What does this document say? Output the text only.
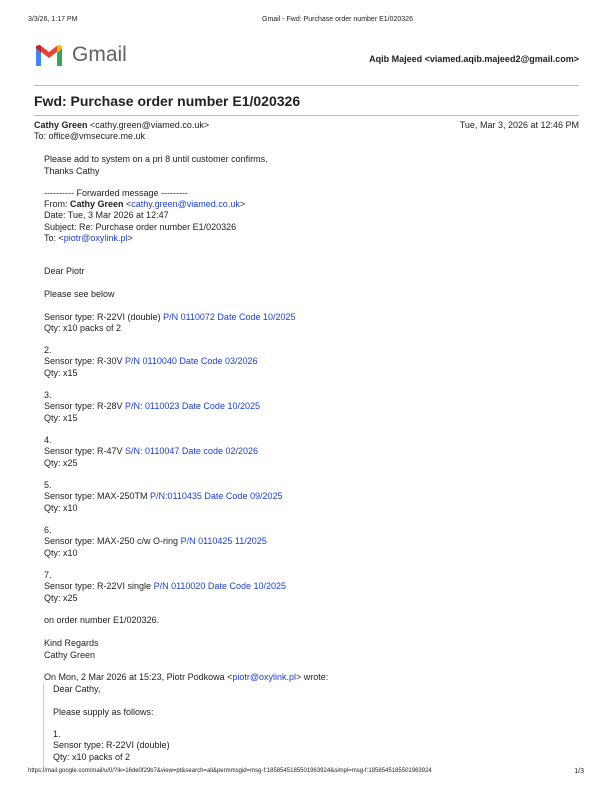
3/3/26, 1:17 PM	Gmail - Fwd: Purchase order number E1/020326
Gmail	Aqib Majeed <viamed.aqib.majeed2@gmail.com>
Fwd: Purchase order number E1/020326
Cathy Green <cathy.green@viamed.co.uk>	Tue, Mar 3, 2026 at 12:46 PM
To: office@vmsecure.me.uk
Please add to system on a pri 8 until customer confirms.
Thanks Cathy
---------- Forwarded message ---------
From: Cathy Green <cathy.green@viamed.co.uk>
Date: Tue, 3 Mar 2026 at 12:47
Subject: Re: Purchase order number E1/020326
To: <piotr@oxylink.pl>
Dear Piotr
Please see below
Sensor type: R-22VI (double) P/N 0110072 Date Code 10/2025
Qty: x10 packs of 2
2.
Sensor type: R-30V P/N 0110040 Date Code 03/2026
Qty: x15
3.
Sensor type: R-28V P/N: 0110023 Date Code 10/2025
Qty: x15
4.
Sensor type: R-47V S/N: 0110047 Date code 02/2026
Qty: x25
5.
Sensor type: MAX-250TM P/N:0110435 Date Code 09/2025
Qty: x10
6.
Sensor type: MAX-250 c/w O-ring P/N 0110425 11/2025
Qty: x10
7.
Sensor type: R-22VI single P/N 0110020 Date Code 10/2025
Qty: x25
on order number E1/020326.
Kind Regards
Cathy Green
On Mon, 2 Mar 2026 at 15:23, Piotr Podkowa <piotr@oxylink.pl> wrote:
Dear Cathy,
Please supply as follows:
1.
Sensor type: R-22VI (double)
Qty: x10 packs of 2
https://mail.google.com/mail/u/0/?ik=16de0f29b7&view=pt&search=all&permmsgid=msg-f:1858545185501963924&simpl=msg-f:1858545185501963924	1/3
